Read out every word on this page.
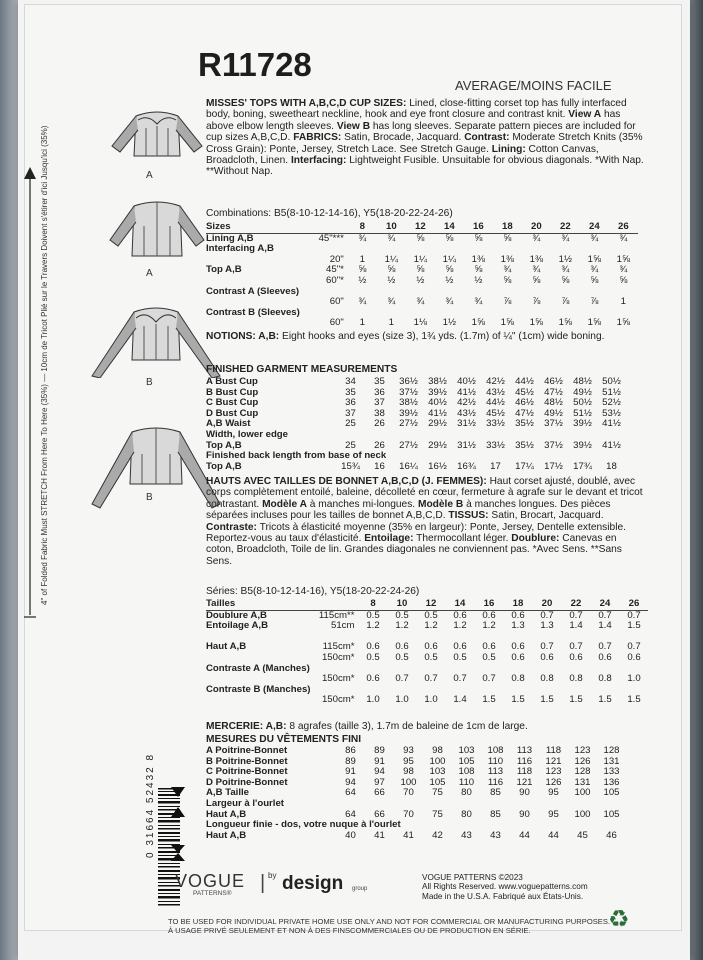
R11728
AVERAGE/MOINS FACILE
A
A
B
B
4" of Folded Fabric Must STRETCH From Here To Here (35%) — 10cm de Tricot Plié sur le Travers Doivent s'étirer d'ici Jusqu'ici (35%)
MISSES' TOPS WITH A,B,C,D CUP SIZES: Lined, close-fitting corset top has fully interfaced body, boning, sweetheart neckline, hook and eye front closure and contrast knit. View A has above elbow length sleeves. View B has long sleeves. Separate pattern pieces are included for cup sizes A,B,C,D. FABRICS: Satin, Brocade, Jacquard. Contrast: Moderate Stretch Knits (35% Cross Grain): Ponte, Jersey, Stretch Lace. See Stretch Gauge. Lining: Cotton Canvas, Broadcloth, Linen. Interfacing: Lightweight Fusible. Unsuitable for obvious diagonals. *With Nap. **Without Nap.
Combinations: B5(8-10-12-14-16), Y5(18-20-22-24-26)
Sizes		8	10	12	14	16	18	20	22	24	26
Lining A,B	45"***	¾	¾	⅝	⅝	⅝	⅝	¾	¾	¾	¾
Interfacing A,B											
	20"	1	1¼	1¼	1¼	1⅜	1⅜	1⅜	1½	1⅝	1⅝
Top A,B	45"*	⅝	⅝	⅝	⅝	⅝	¾	¾	¾	¾	¾
	60"*	½	½	½	½	½	⅝	⅝	⅝	⅝	⅝
Contrast A (Sleeves)											
	60"	¾	¾	¾	¾	¾	⅞	⅞	⅞	⅞	1
Contrast B (Sleeves)											
	60"	1	1	1⅛	1½	1⅝	1⅝	1⅝	1⅝	1⅝	1⅝
NOTIONS: A,B: Eight hooks and eyes (size 3), 1¾ yds. (1.7m) of ¼" (1cm) wide boning.
FINISHED GARMENT MEASUREMENTS
A Bust Cup	34	35	36½	38½	40½	42½	44½	46½	48½	50½
B Bust Cup	35	36	37½	39½	41½	43½	45½	47½	49½	51½
C Bust Cup	36	37	38½	40½	42½	44½	46½	48½	50½	52½
D Bust Cup	37	38	39½	41½	43½	45½	47½	49½	51½	53½
A,B Waist	25	26	27½	29½	31½	33½	35½	37½	39½	41½
Width, lower edge										
Top A,B	25	26	27½	29½	31½	33½	35½	37½	39½	41½
Finished back length from base of neck										
Top A,B	15¾	16	16¼	16½	16¾	17	17¼	17½	17¾	18
HAUTS AVEC TAILLES DE BONNET A,B,C,D (J. FEMMES): Haut corset ajusté, doublé, avec corps complètement entoilé, baleine, décolleté en cœur, fermeture à agrafe sur le devant et tricot contrastant. Modèle A à manches mi-longues. Modèle B à manches longues. Des pièces séparées incluses pour les tailles de bonnet A,B,C,D. TISSUS: Satin, Brocart, Jacquard. Contraste: Tricots à élasticité moyenne (35% en largeur): Ponte, Jersey, Dentelle extensible. Reportez-vous au taux d'élasticité. Entoilage: Thermocollant léger. Doublure: Canevas en coton, Broadcloth, Toile de lin. Grandes diagonales ne conviennent pas. *Avec Sens. **Sans Sens.
Séries: B5(8-10-12-14-16), Y5(18-20-22-24-26)
Tailles		8	10	12	14	16	18	20	22	24	26
Doublure A,B	115cm**	0.5	0.5	0.5	0.6	0.6	0.6	0.7	0.7	0.7	0.7
Entoilage A,B	51cm	1.2	1.2	1.2	1.2	1.2	1.3	1.3	1.4	1.4	1.5

Haut A,B	115cm*	0.6	0.6	0.6	0.6	0.6	0.6	0.7	0.7	0.7	0.7
	150cm*	0.5	0.5	0.5	0.5	0.5	0.6	0.6	0.6	0.6	0.6
Contraste A (Manches)											
	150cm*	0.6	0.7	0.7	0.7	0.7	0.8	0.8	0.8	0.8	1.0
Contraste B (Manches)											
	150cm*	1.0	1.0	1.0	1.4	1.5	1.5	1.5	1.5	1.5	1.5
MERCERIE: A,B: 8 agrafes (taille 3), 1.7m de baleine de 1cm de large.
MESURES DU VÊTEMENTS FINI
A Poitrine-Bonnet	86	89	93	98	103	108	113	118	123	128
B Poitrine-Bonnet	89	91	95	100	105	110	116	121	126	131
C Poitrine-Bonnet	91	94	98	103	108	113	118	123	128	133
D Poitrine-Bonnet	94	97	100	105	110	116	121	126	131	136
A,B Taille	64	66	70	75	80	85	90	95	100	105
Largeur à l'ourlet										
Haut A,B	64	66	70	75	80	85	90	95	100	105
Longueur finie - dos, votre nuque à l'ourlet										
Haut A,B	40	41	41	42	43	43	44	44	45	46
0 31664 52432 8
VOGUE
PATTERNS® | by design group
VOGUE PATTERNS ©2023
All Rights Reserved. www.voguepatterns.com
Made in the U.S.A. Fabriqué aux États-Unis.
TO BE USED FOR INDIVIDUAL PRIVATE HOME USE ONLY AND NOT FOR COMMERCIAL OR MANUFACTURING PURPOSES.
À USAGE PRIVÉ SEULEMENT ET NON À DES FINSCOMMERCIALES OU DE PRODUCTION EN SÉRIE.	♻
